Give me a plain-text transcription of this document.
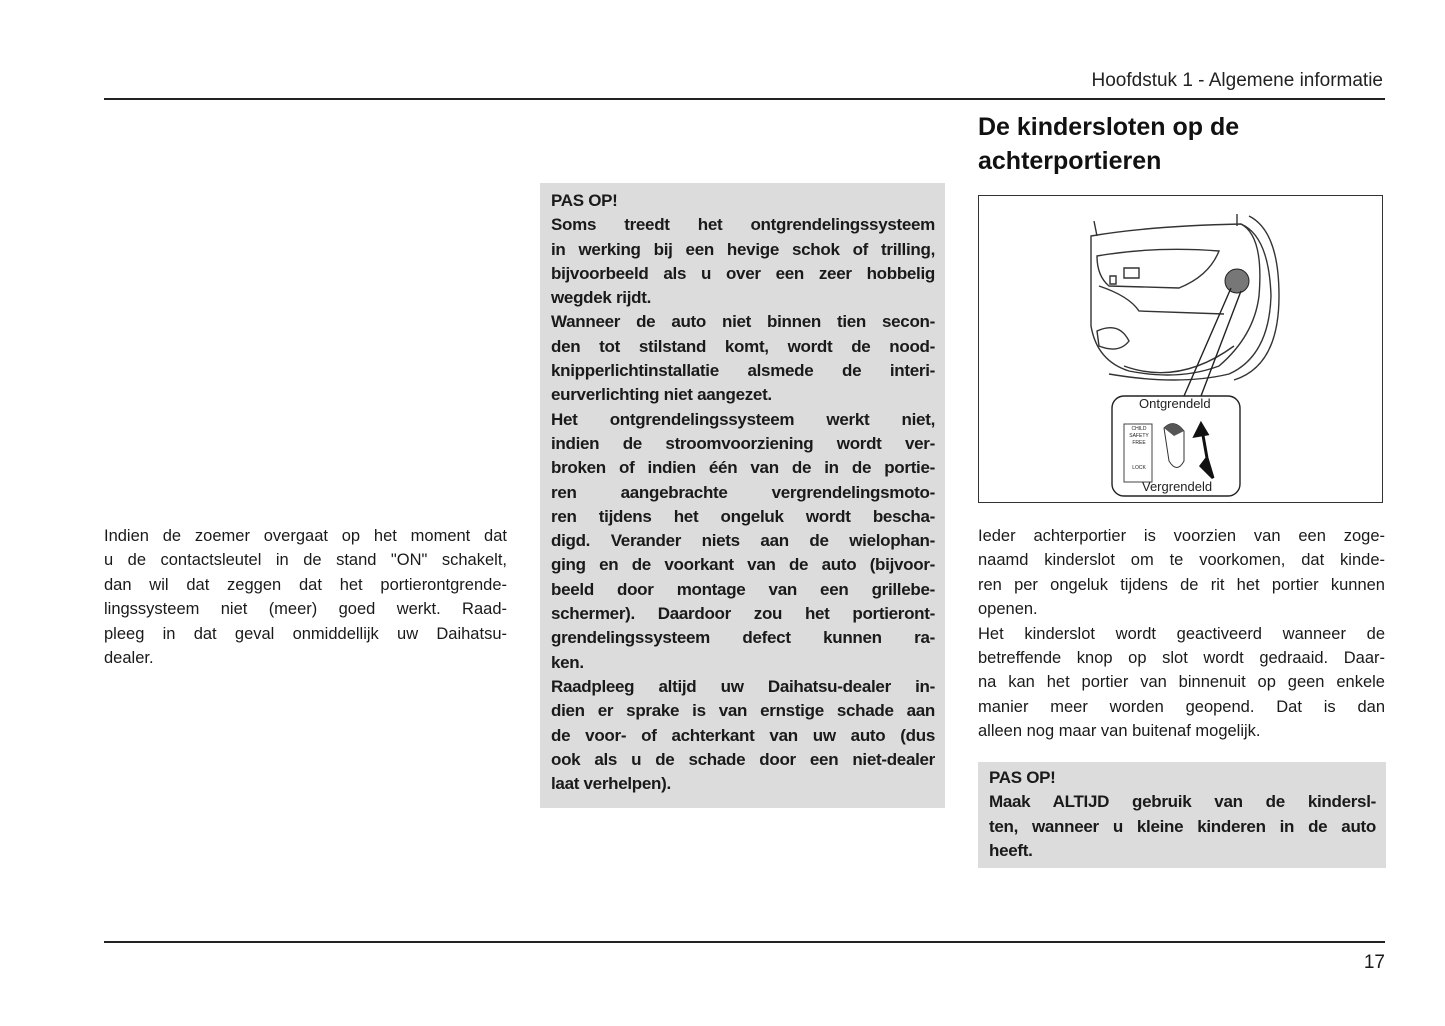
Hoofdstuk 1 - Algemene informatie
De kindersloten op de
achterportieren
Indien de zoemer overgaat op het moment dat
u de contactsleutel in de stand "ON" schakelt,
dan wil dat zeggen dat het portierontgrende-
lingssysteem niet (meer) goed werkt. Raad-
pleeg in dat geval onmiddellijk uw Daihatsu-
dealer.
PAS OP!
Soms treedt het ontgrendelingssysteem
in werking bij een hevige schok of trilling,
bijvoorbeeld als u over een zeer hobbelig
wegdek rijdt.
Wanneer de auto niet binnen tien secon-
den tot stilstand komt, wordt de nood-
knipperlichtinstallatie alsmede de interi-
eurverlichting niet aangezet.
Het ontgrendelingssysteem werkt niet,
indien de stroomvoorziening wordt ver-
broken of indien één van de in de portie-
ren aangebrachte vergrendelingsmoto-
ren tijdens het ongeluk wordt bescha-
digd. Verander niets aan de wielophan-
ging en de voorkant van de auto (bijvoor-
beeld door montage van een grillebe-
schermer). Daardoor zou het portieront-
grendelingssysteem defect kunnen ra-
ken.
Raadpleeg altijd uw Daihatsu-dealer in-
dien er sprake is van ernstige schade aan
de voor- of achterkant van uw auto (dus
ook als u de schade door een niet-dealer
laat verhelpen).
Ontgrendeld
Vergrendeld
CHILD
SAFETY
FREE
LOCK
Ieder achterportier is voorzien van een zoge-
naamd kinderslot om te voorkomen, dat kinde-
ren per ongeluk tijdens de rit het portier kunnen
openen.
Het kinderslot wordt geactiveerd wanneer de
betreffende knop op slot wordt gedraaid. Daar-
na kan het portier van binnenuit op geen enkele
manier meer worden geopend. Dat is dan
alleen nog maar van buitenaf mogelijk.
PAS OP!
Maak ALTIJD gebruik van de kindersl-
ten, wanneer u kleine kinderen in de auto
heeft.
17
